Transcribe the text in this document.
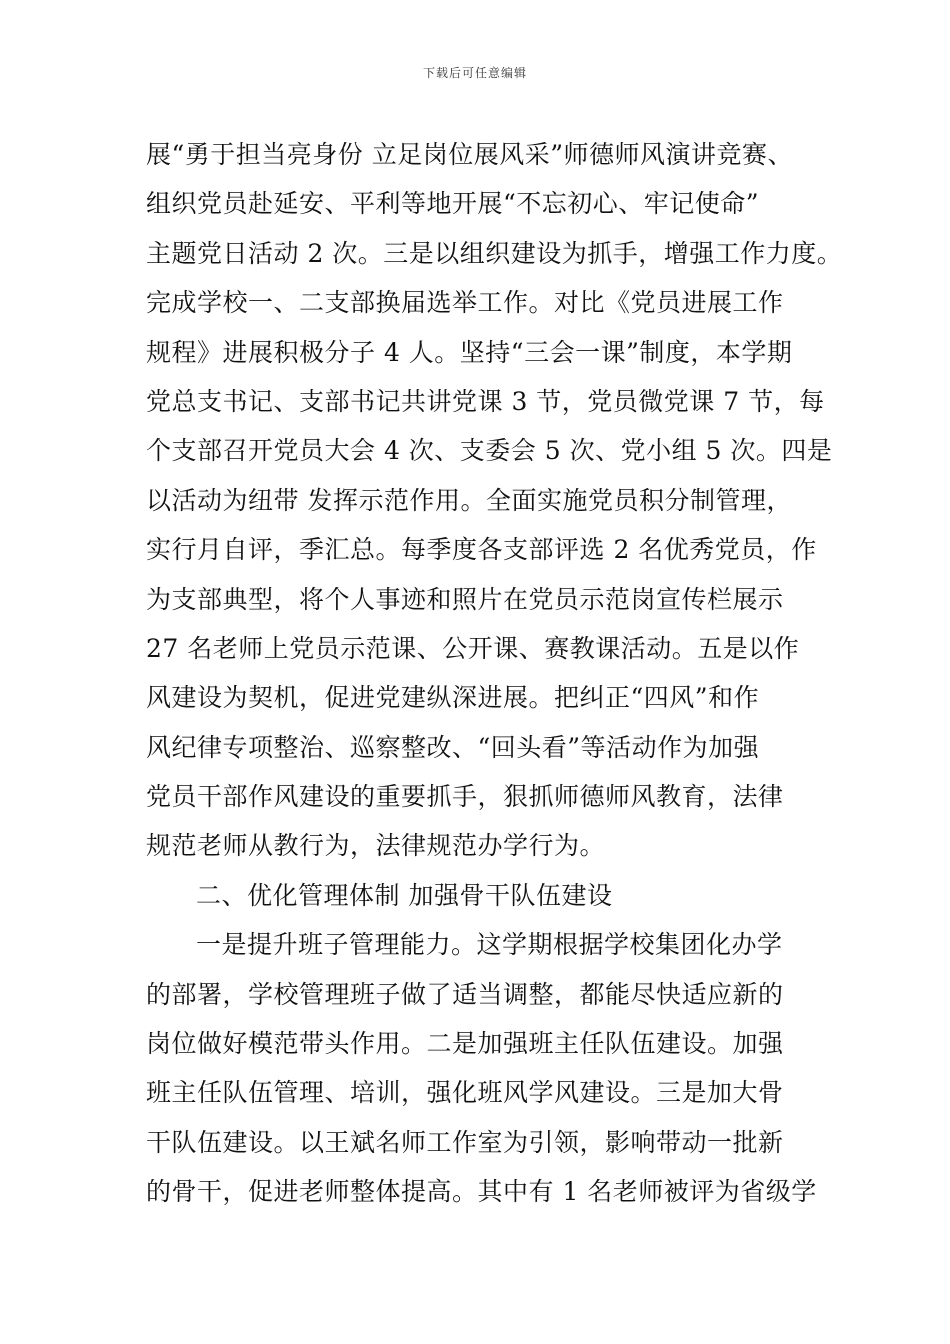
下载后可任意编辑
展“勇于担当亮身份 立足岗位展风采”师德师风演讲竞赛、
组织党员赴延安、平利等地开展“不忘初心、牢记使命”
主题党日活动 2 次。三是以组织建设为抓手，增强工作力度。
完成学校一、二支部换届选举工作。对比《党员进展工作
规程》进展积极分子 4 人。坚持“三会一课”制度，本学期
党总支书记、支部书记共讲党课 3 节，党员微党课 7 节，每
个支部召开党员大会 4 次、支委会 5 次、党小组 5 次。四是
以活动为纽带 发挥示范作用。全面实施党员积分制管理，
实行月自评，季汇总。每季度各支部评选 2 名优秀党员，作
为支部典型，将个人事迹和照片在党员示范岗宣传栏展示
27 名老师上党员示范课、公开课、赛教课活动。五是以作
风建设为契机，促进党建纵深进展。把纠正“四风”和作
风纪律专项整治、巡察整改、“回头看”等活动作为加强
党员干部作风建设的重要抓手，狠抓师德师风教育，法律
规范老师从教行为，法律规范办学行为。
二、优化管理体制 加强骨干队伍建设
一是提升班子管理能力。这学期根据学校集团化办学
的部署，学校管理班子做了适当调整，都能尽快适应新的
岗位做好模范带头作用。二是加强班主任队伍建设。加强
班主任队伍管理、培训，强化班风学风建设。三是加大骨
干队伍建设。以王斌名师工作室为引领，影响带动一批新
的骨干，促进老师整体提高。其中有 1 名老师被评为省级学
